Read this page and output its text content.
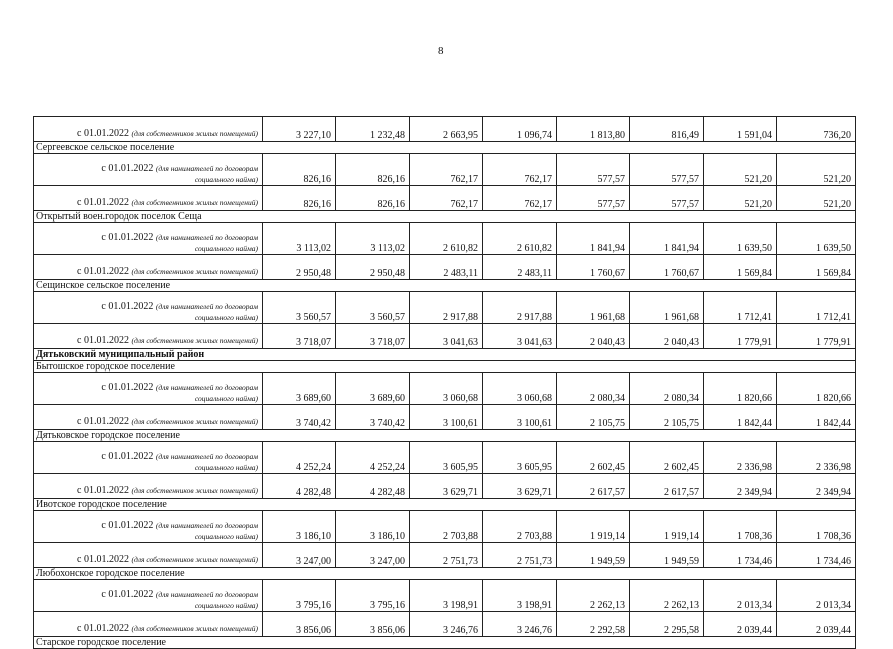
8
с 01.01.2022 (для собственников жилых помещений)	3 227,10	1 232,48	2 663,95	1 096,74	1 813,80	816,49	1 591,04	736,20
Сергеевское сельское поселение								
с 01.01.2022 (для нанимателей по договорам
социального найма)	826,16	826,16	762,17	762,17	577,57	577,57	521,20	521,20
с 01.01.2022 (для собственников жилых помещений)	826,16	826,16	762,17	762,17	577,57	577,57	521,20	521,20
Открытый воен.городок поселок Сеща								
с 01.01.2022 (для нанимателей по договорам
социального найма)	3 113,02	3 113,02	2 610,82	2 610,82	1 841,94	1 841,94	1 639,50	1 639,50
с 01.01.2022 (для собственников жилых помещений)	2 950,48	2 950,48	2 483,11	2 483,11	1 760,67	1 760,67	1 569,84	1 569,84
Сещинское сельское поселение								
с 01.01.2022 (для нанимателей по договорам
социального найма)	3 560,57	3 560,57	2 917,88	2 917,88	1 961,68	1 961,68	1 712,41	1 712,41
с 01.01.2022 (для собственников жилых помещений)	3 718,07	3 718,07	3 041,63	3 041,63	2 040,43	2 040,43	1 779,91	1 779,91
Дятьковский муниципальный район								
Бытошское городское поселение								
с 01.01.2022 (для нанимателей по договорам
социального найма)	3 689,60	3 689,60	3 060,68	3 060,68	2 080,34	2 080,34	1 820,66	1 820,66
с 01.01.2022 (для собственников жилых помещений)	3 740,42	3 740,42	3 100,61	3 100,61	2 105,75	2 105,75	1 842,44	1 842,44
Дятьковское городское поселение								
с 01.01.2022 (для нанимателей по договорам
социального найма)	4 252,24	4 252,24	3 605,95	3 605,95	2 602,45	2 602,45	2 336,98	2 336,98
с 01.01.2022 (для собственников жилых помещений)	4 282,48	4 282,48	3 629,71	3 629,71	2 617,57	2 617,57	2 349,94	2 349,94
Ивотское городское поселение								
с 01.01.2022 (для нанимателей по договорам
социального найма)	3 186,10	3 186,10	2 703,88	2 703,88	1 919,14	1 919,14	1 708,36	1 708,36
с 01.01.2022 (для собственников жилых помещений)	3 247,00	3 247,00	2 751,73	2 751,73	1 949,59	1 949,59	1 734,46	1 734,46
Любохонское городское поселение								
с 01.01.2022 (для нанимателей по договорам
социального найма)	3 795,16	3 795,16	3 198,91	3 198,91	2 262,13	2 262,13	2 013,34	2 013,34
с 01.01.2022 (для собственников жилых помещений)	3 856,06	3 856,06	3 246,76	3 246,76	2 292,58	2 295,58	2 039,44	2 039,44
Старское городское поселение								
